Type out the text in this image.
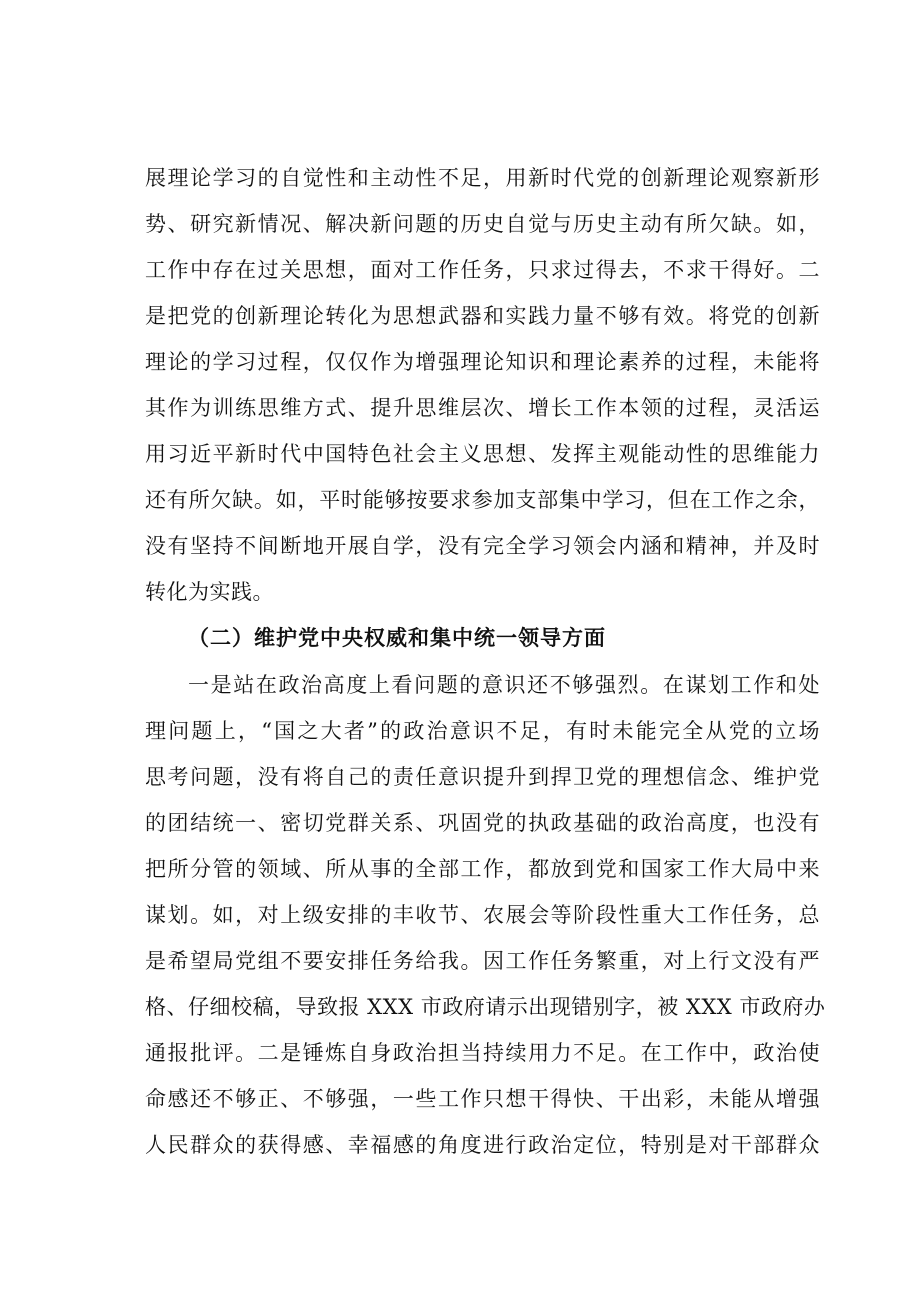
展理论学习的自觉性和主动性不足，用新时代党的创新理论观察新形
势、研究新情况、解决新问题的历史自觉与历史主动有所欠缺。如，
工作中存在过关思想，面对工作任务，只求过得去，不求干得好。二
是把党的创新理论转化为思想武器和实践力量不够有效。将党的创新
理论的学习过程，仅仅作为增强理论知识和理论素养的过程，未能将
其作为训练思维方式、提升思维层次、增长工作本领的过程，灵活运
用习近平新时代中国特色社会主义思想、发挥主观能动性的思维能力
还有所欠缺。如，平时能够按要求参加支部集中学习，但在工作之余，
没有坚持不间断地开展自学，没有完全学习领会内涵和精神，并及时
转化为实践。
（二）维护党中央权威和集中统一领导方面
一是站在政治高度上看问题的意识还不够强烈。在谋划工作和处
理问题上，“国之大者”的政治意识不足，有时未能完全从党的立场
思考问题，没有将自己的责任意识提升到捍卫党的理想信念、维护党
的团结统一、密切党群关系、巩固党的执政基础的政治高度，也没有
把所分管的领域、所从事的全部工作，都放到党和国家工作大局中来
谋划。如，对上级安排的丰收节、农展会等阶段性重大工作任务，总
是希望局党组不要安排任务给我。因工作任务繁重，对上行文没有严
格、仔细校稿，导致报 XXX 市政府请示出现错别字，被 XXX 市政府办
通报批评。二是锤炼自身政治担当持续用力不足。在工作中，政治使
命感还不够正、不够强，一些工作只想干得快、干出彩，未能从增强
人民群众的获得感、幸福感的角度进行政治定位，特别是对干部群众
